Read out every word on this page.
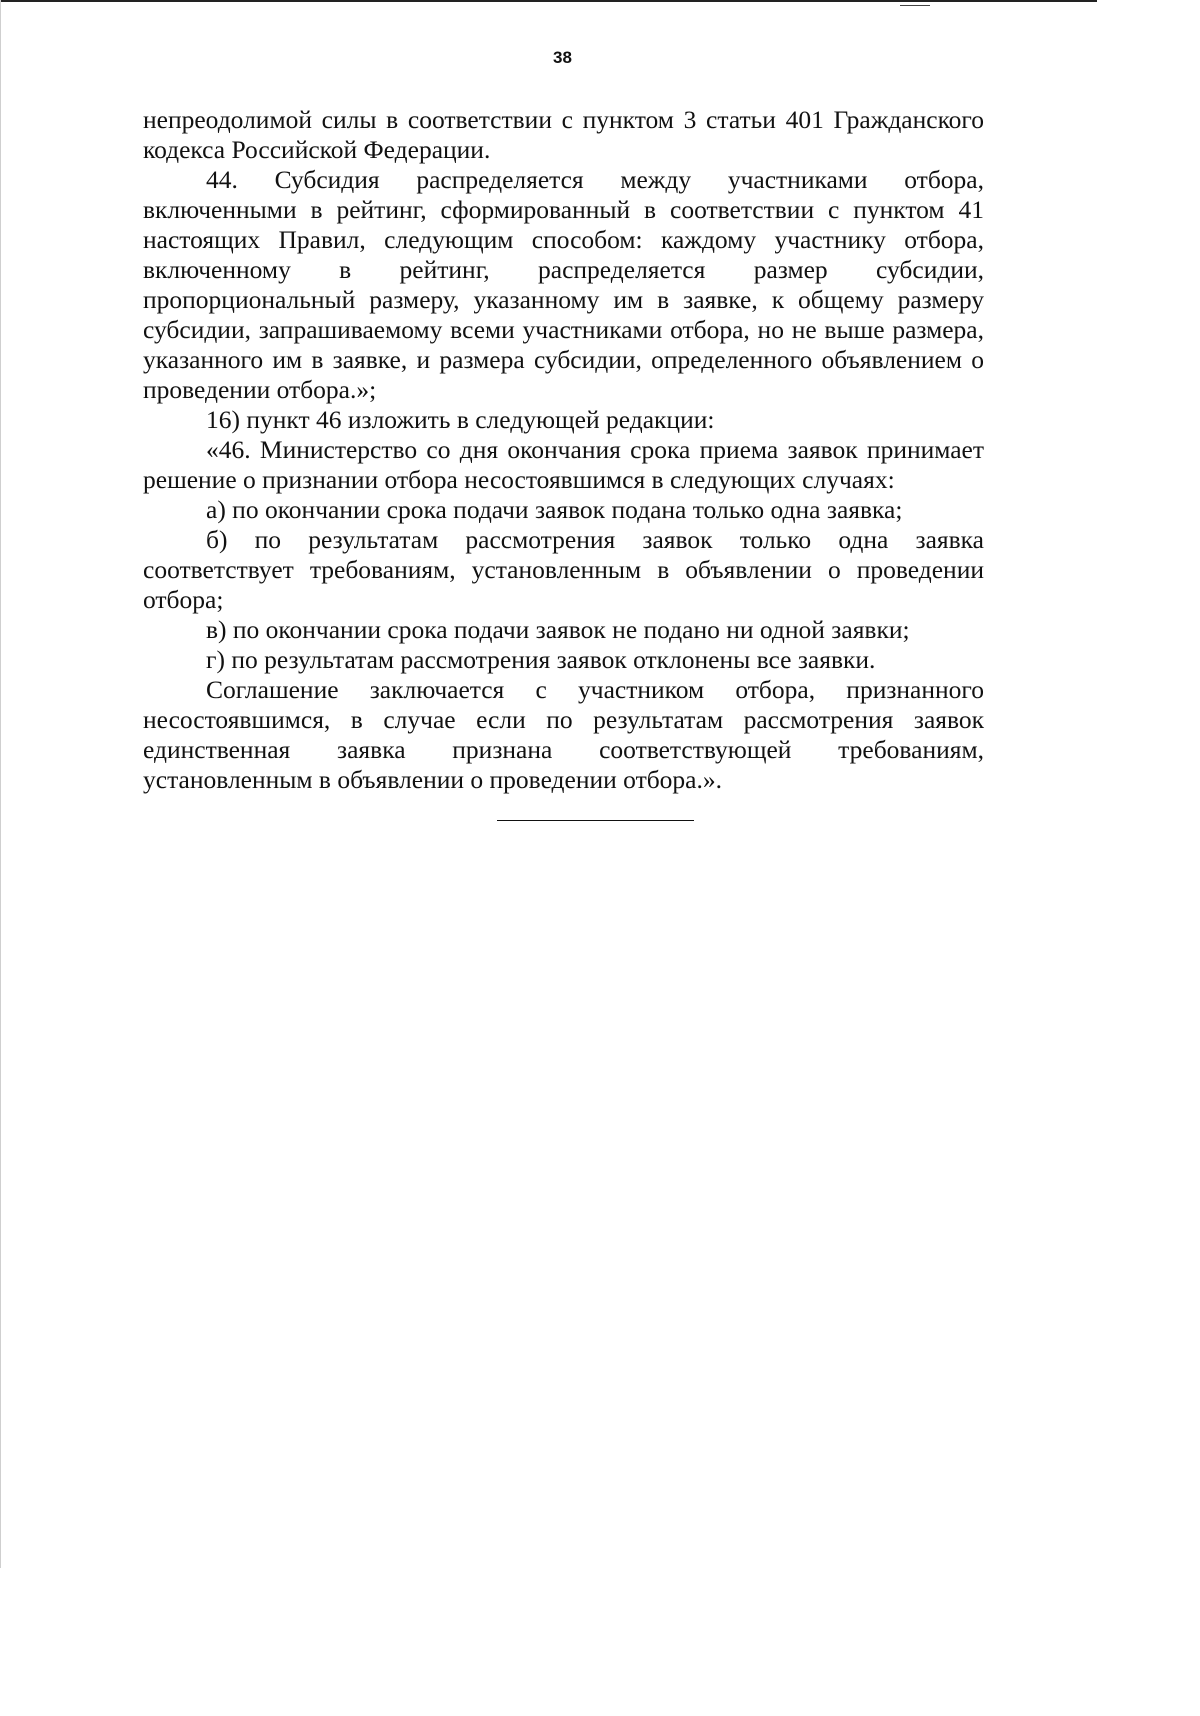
38

непреодолимой силы в соответствии с пунктом 3 статьи 401 Гражданского кодекса Российской Федерации.

44. Субсидия распределяется между участниками отбора, включенными в рейтинг, сформированный в соответствии с пунктом 41 настоящих Правил, следующим способом: каждому участнику отбора, включенному в рейтинг, распределяется размер субсидии, пропорциональный размеру, указанному им в заявке, к общему размеру субсидии, запрашиваемому всеми участниками отбора, но не выше размера, указанного им в заявке, и размера субсидии, определенного объявлением о проведении отбора.»;

16) пункт 46 изложить в следующей редакции:

«46. Министерство со дня окончания срока приема заявок принимает решение о признании отбора несостоявшимся в следующих случаях:

а) по окончании срока подачи заявок подана только одна заявка;

б) по результатам рассмотрения заявок только одна заявка соответствует требованиям, установленным в объявлении о проведении отбора;

в) по окончании срока подачи заявок не подано ни одной заявки;

г) по результатам рассмотрения заявок отклонены все заявки.

Соглашение заключается с участником отбора, признанного несостоявшимся, в случае если по результатам рассмотрения заявок единственная заявка признана соответствующей требованиям, установленным в объявлении о проведении отбора.».
